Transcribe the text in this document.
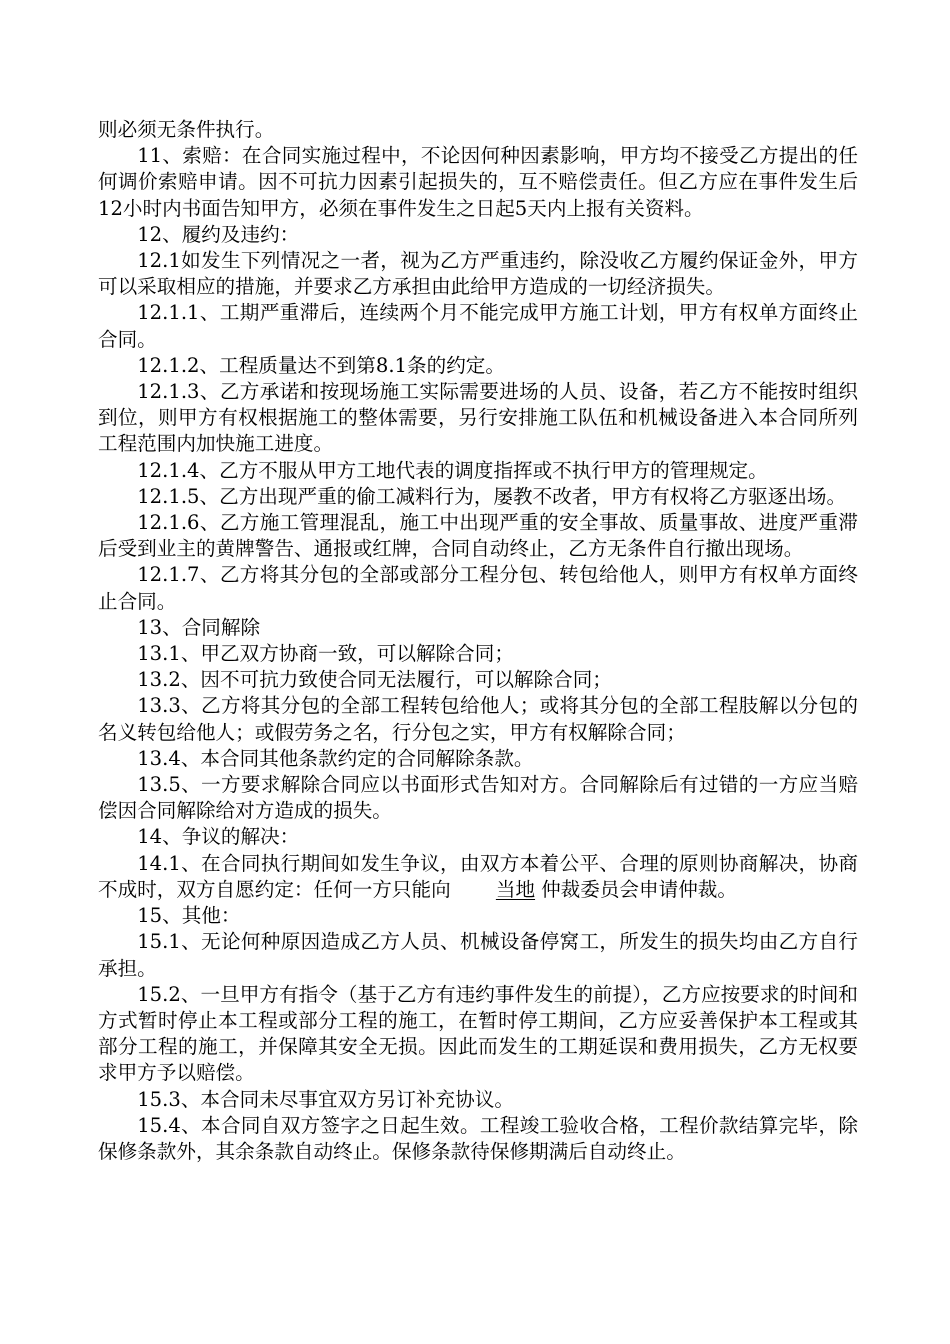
则必须无条件执行。

11、索赔：在合同实施过程中，不论因何种因素影响，甲方均不接受乙方提出的任何调价索赔申请。因不可抗力因素引起损失的，互不赔偿责任。但乙方应在事件发生后12小时内书面告知甲方，必须在事件发生之日起5天内上报有关资料。

12、履约及违约：

12.1如发生下列情况之一者，视为乙方严重违约，除没收乙方履约保证金外，甲方可以采取相应的措施，并要求乙方承担由此给甲方造成的一切经济损失。

12.1.1、工期严重滞后，连续两个月不能完成甲方施工计划，甲方有权单方面终止合同。

12.1.2、工程质量达不到第8.1条的约定。

12.1.3、乙方承诺和按现场施工实际需要进场的人员、设备，若乙方不能按时组织到位，则甲方有权根据施工的整体需要，另行安排施工队伍和机械设备进入本合同所列工程范围内加快施工进度。

12.1.4、乙方不服从甲方工地代表的调度指挥或不执行甲方的管理规定。

12.1.5、乙方出现严重的偷工减料行为，屡教不改者，甲方有权将乙方驱逐出场。

12.1.6、乙方施工管理混乱，施工中出现严重的安全事故、质量事故、进度严重滞后受到业主的黄牌警告、通报或红牌，合同自动终止，乙方无条件自行撤出现场。

12.1.7、乙方将其分包的全部或部分工程分包、转包给他人，则甲方有权单方面终止合同。

13、合同解除

13.1、甲乙双方协商一致，可以解除合同；

13.2、因不可抗力致使合同无法履行，可以解除合同；

13.3、乙方将其分包的全部工程转包给他人；或将其分包的全部工程肢解以分包的名义转包给他人；或假劳务之名，行分包之实，甲方有权解除合同；

13.4、本合同其他条款约定的合同解除条款。

13.5、一方要求解除合同应以书面形式告知对方。合同解除后有过错的一方应当赔偿因合同解除给对方造成的损失。

14、争议的解决：

14.1、在合同执行期间如发生争议，由双方本着公平、合理的原则协商解决，协商不成时，双方自愿约定：任何一方只能向 当地 仲裁委员会申请仲裁。

15、其他：

15.1、无论何种原因造成乙方人员、机械设备停窝工，所发生的损失均由乙方自行承担。

15.2、一旦甲方有指令（基于乙方有违约事件发生的前提），乙方应按要求的时间和方式暂时停止本工程或部分工程的施工，在暂时停工期间，乙方应妥善保护本工程或其部分工程的施工，并保障其安全无损。因此而发生的工期延误和费用损失，乙方无权要求甲方予以赔偿。

15.3、本合同未尽事宜双方另订补充协议。

15.4、本合同自双方签字之日起生效。工程竣工验收合格，工程价款结算完毕，除保修条款外，其余条款自动终止。保修条款待保修期满后自动终止。
